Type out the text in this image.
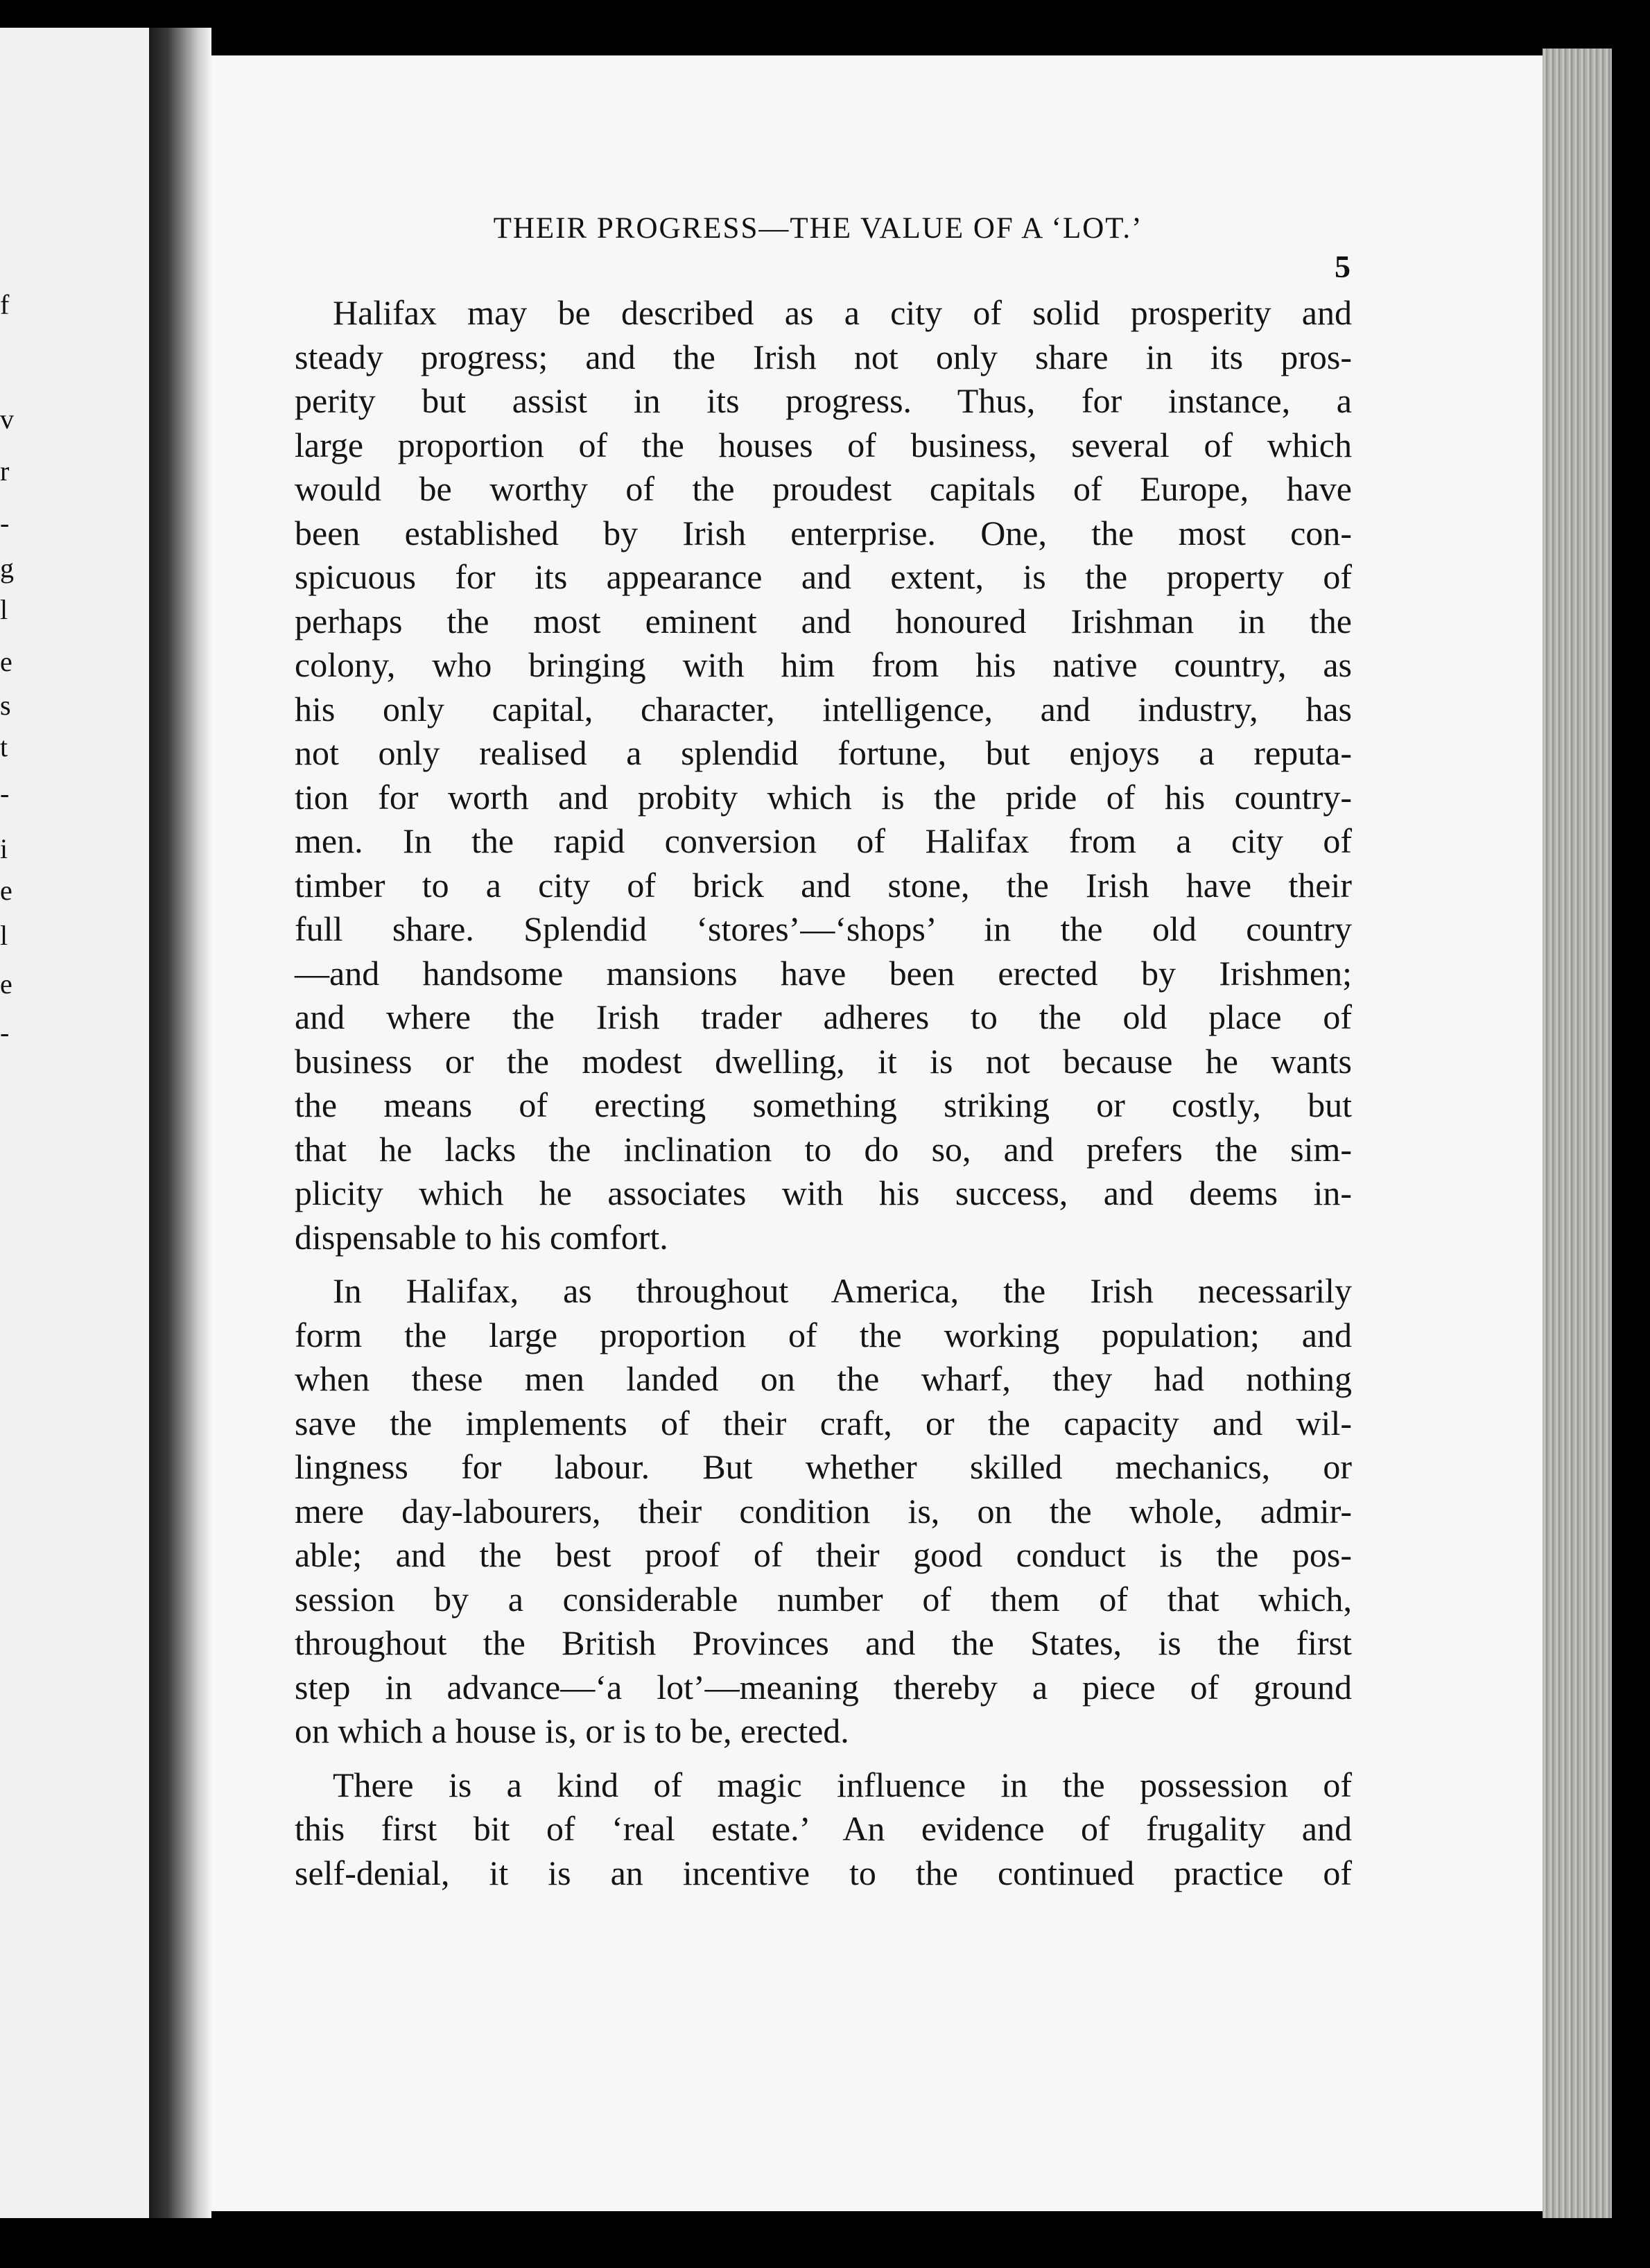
f
v
r
-
g
l
e
s
t
-
i
e
l
e
-
THEIR PROGRESS—THE VALUE OF A ‘LOT.’
5
Halifax may be described as a city of solid prosperity and
steady progress; and the Irish not only share in its pros-
perity but assist in its progress. Thus, for instance, a
large proportion of the houses of business, several of which
would be worthy of the proudest capitals of Europe, have
been established by Irish enterprise. One, the most con-
spicuous for its appearance and extent, is the property of
perhaps the most eminent and honoured Irishman in the
colony, who bringing with him from his native country, as
his only capital, character, intelligence, and industry, has
not only realised a splendid fortune, but enjoys a reputa-
tion for worth and probity which is the pride of his country-
men. In the rapid conversion of Halifax from a city of
timber to a city of brick and stone, the Irish have their
full share. Splendid ‘stores’—‘shops’ in the old country
—and handsome mansions have been erected by Irishmen;
and where the Irish trader adheres to the old place of
business or the modest dwelling, it is not because he wants
the means of erecting something striking or costly, but
that he lacks the inclination to do so, and prefers the sim-
plicity which he associates with his success, and deems in-
dispensable to his comfort.
In Halifax, as throughout America, the Irish necessarily
form the large proportion of the working population; and
when these men landed on the wharf, they had nothing
save the implements of their craft, or the capacity and wil-
lingness for labour. But whether skilled mechanics, or
mere day-labourers, their condition is, on the whole, admir-
able; and the best proof of their good conduct is the pos-
session by a considerable number of them of that which,
throughout the British Provinces and the States, is the first
step in advance—‘a lot’—meaning thereby a piece of ground
on which a house is, or is to be, erected.
There is a kind of magic influence in the possession of
this first bit of ‘real estate.’ An evidence of frugality and
self-denial, it is an incentive to the continued practice of
